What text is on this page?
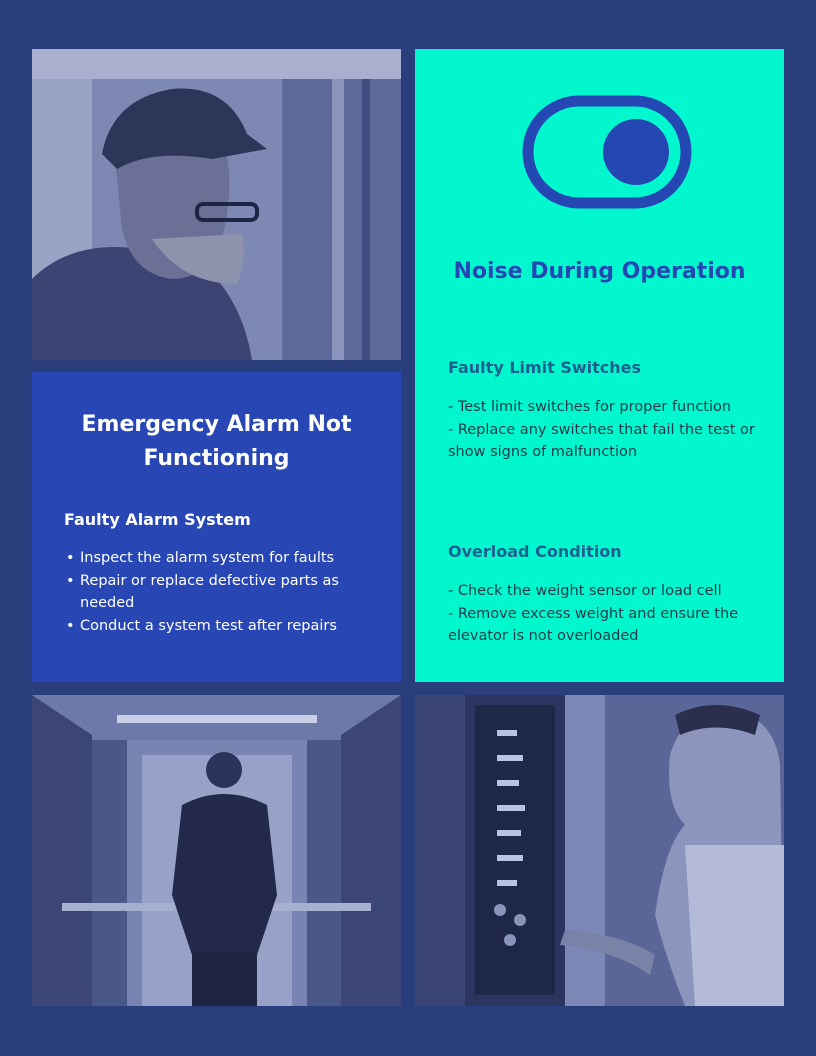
Emergency Alarm Not Functioning
Faulty Alarm System
• Inspect the alarm system for faults
• Repair or replace defective parts as needed
• Conduct a system test after repairs
Noise During Operation
Faulty Limit Switches
- Test limit switches for proper function
- Replace any switches that fail the test or show signs of malfunction
Overload Condition
- Check the weight sensor or load cell
- Remove excess weight and ensure the elevator is not overloaded
